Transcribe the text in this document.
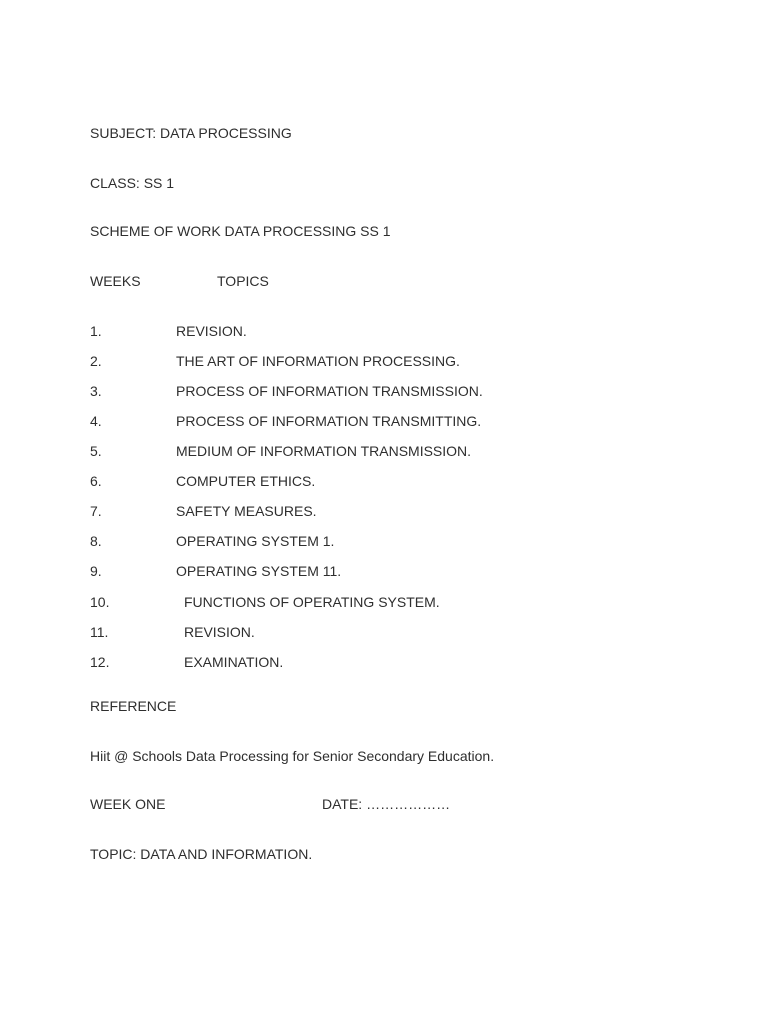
SUBJECT: DATA PROCESSING
CLASS: SS 1
SCHEME OF WORK DATA PROCESSING SS 1
WEEKS	TOPICS
1.	REVISION.
2.	THE ART OF INFORMATION PROCESSING.
3.	PROCESS OF INFORMATION TRANSMISSION.
4.	PROCESS OF INFORMATION TRANSMITTING.
5.	MEDIUM OF INFORMATION TRANSMISSION.
6.	COMPUTER ETHICS.
7.	SAFETY MEASURES.
8.	OPERATING SYSTEM 1.
9.	OPERATING SYSTEM 11.
10.	FUNCTIONS OF OPERATING SYSTEM.
11.	REVISION.
12.	EXAMINATION.
REFERENCE
Hiit @ Schools Data Processing for Senior Secondary Education.
WEEK ONE	DATE: ………………
TOPIC: DATA AND INFORMATION.
